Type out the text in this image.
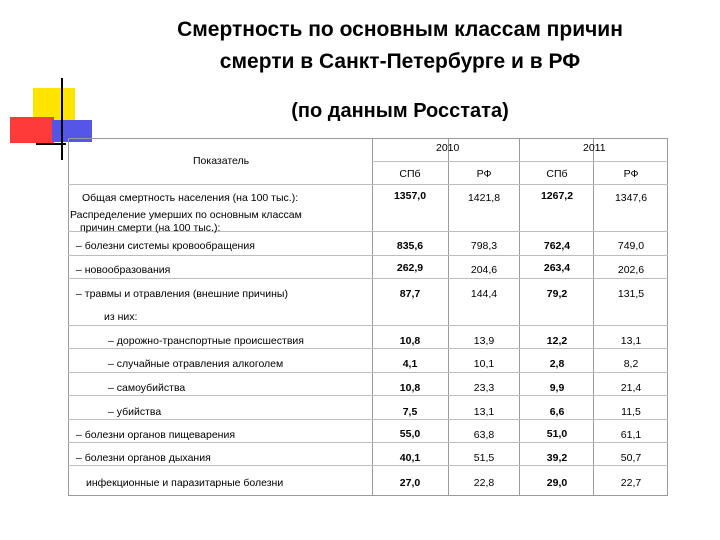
Смертность по основным классам причин
смерти в Санкт-Петербурге и в РФ
(по данным Росстата)
Показатель
2010	2011
СПб	РФ	СПб	РФ
Общая смертность населения (на 100 тыс.):	1357,0	1421,8	1267,2	1347,6
Распределение умерших по основным классам
причин смерти (на 100 тыс.):
– болезни системы кровообращения	835,6	798,3	762,4	749,0
– новообразования	262,9	204,6	263,4	202,6
– травмы и отравления (внешние причины)	87,7	144,4	79,2	131,5
из них:
– дорожно-транспортные происшествия	10,8	13,9	12,2	13,1
– случайные отравления алкоголем	4,1	10,1	2,8	8,2
– самоубийства	10,8	23,3	9,9	21,4
– убийства	7,5	13,1	6,6	11,5
– болезни органов пищеварения	55,0	63,8	51,0	61,1
– болезни органов дыхания	40,1	51,5	39,2	50,7
инфекционные и паразитарные болезни	27,0	22,8	29,0	22,7
